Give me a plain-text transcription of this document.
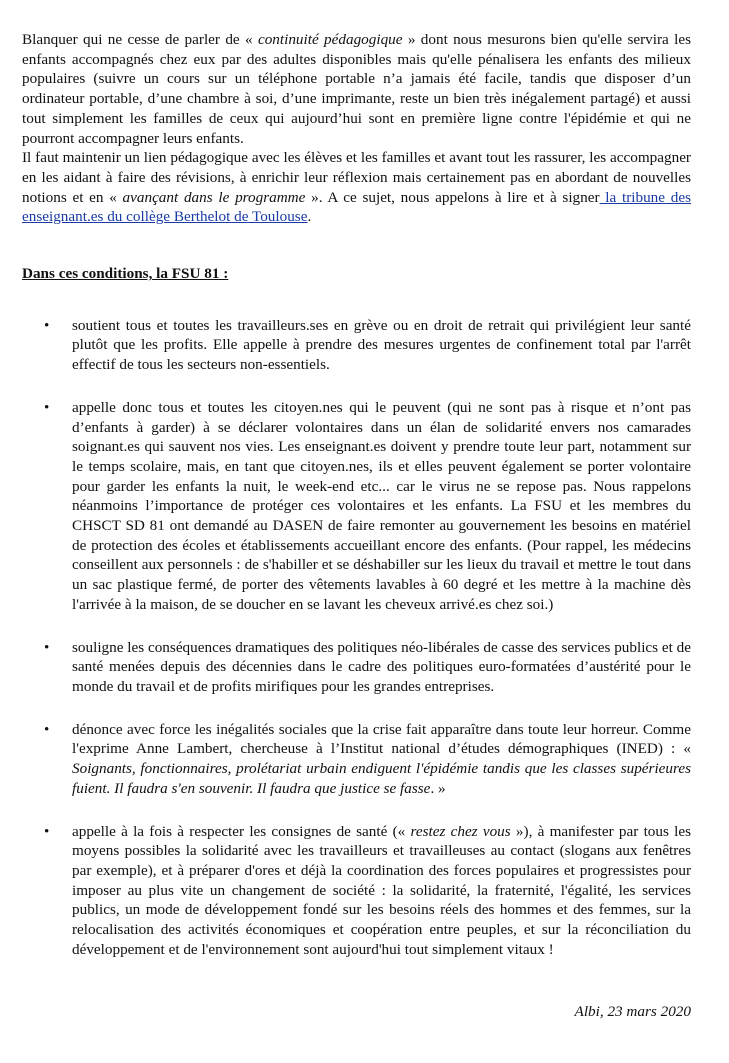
Blanquer qui ne cesse de parler de « continuité pédagogique » dont nous mesurons bien qu'elle servira les enfants accompagnés chez eux par des adultes disponibles mais qu'elle pénalisera les enfants des milieux populaires (suivre un cours sur un téléphone portable n’a jamais été facile, tandis que disposer d’un ordinateur portable, d’une chambre à soi, d’une imprimante, reste un bien très inégalement partagé) et aussi tout simplement les familles de ceux qui aujourd’hui sont en première ligne contre l'épidémie et qui ne pourront accompagner leurs enfants.

Il faut maintenir un lien pédagogique avec les élèves et les familles et avant tout les rassurer, les accompagner en les aidant à faire des révisions, à enrichir leur réflexion mais certainement pas en abordant de nouvelles notions et en « avançant dans le programme ». A ce sujet, nous appelons à lire et à signer la tribune des enseignant.es du collège Berthelot de Toulouse.

Dans ces conditions, la FSU 81 :

• soutient tous et toutes les travailleurs.ses en grève ou en droit de retrait qui privilégient leur santé plutôt que les profits. Elle appelle à prendre des mesures urgentes de confinement total par l'arrêt effectif de tous les secteurs non-essentiels.
• appelle donc tous et toutes les citoyen.nes qui le peuvent (qui ne sont pas à risque et n’ont pas d’enfants à garder) à se déclarer volontaires dans un élan de solidarité envers nos camarades soignant.es qui sauvent nos vies. Les enseignant.es doivent y prendre toute leur part, notamment sur le temps scolaire, mais, en tant que citoyen.nes, ils et elles peuvent également se porter volontaire pour garder les enfants la nuit, le week-end etc... car le virus ne se repose pas. Nous rappelons néanmoins l’importance de protéger ces volontaires et les enfants. La FSU et les membres du CHSCT SD 81 ont demandé au DASEN de faire remonter au gouvernement les besoins en matériel de protection des écoles et établissements accueillant encore des enfants. (Pour rappel, les médecins conseillent aux personnels : de s'habiller et se déshabiller sur les lieux du travail et mettre le tout dans un sac plastique fermé, de porter des vêtements lavables à 60 degré et les mettre à la machine dès l'arrivée à la maison, de se doucher en se lavant les cheveux arrivé.es chez soi.)
• souligne les conséquences dramatiques des politiques néo-libérales de casse des services publics et de santé menées depuis des décennies dans le cadre des politiques euro-formatées d’austérité pour le monde du travail et de profits mirifiques pour les grandes entreprises.
• dénonce avec force les inégalités sociales que la crise fait apparaître dans toute leur horreur. Comme l'exprime Anne Lambert, chercheuse à l’Institut national d’études démographiques (INED) : « Soignants, fonctionnaires, prolétariat urbain endiguent l'épidémie tandis que les classes supérieures fuient. Il faudra s'en souvenir. Il faudra que justice se fasse. »
• appelle à la fois à respecter les consignes de santé (« restez chez vous »), à manifester par tous les moyens possibles la solidarité avec les travailleurs et travailleuses au contact (slogans aux fenêtres par exemple), et à préparer d'ores et déjà la coordination des forces populaires et progressistes pour imposer au plus vite un changement de société : la solidarité, la fraternité, l'égalité, les services publics, un mode de développement fondé sur les besoins réels des hommes et des femmes, sur la relocalisation des activités économiques et coopération entre peuples, et sur la réconciliation du développement et de l'environnement sont aujourd'hui tout simplement vitaux !
Albi, 23 mars 2020
